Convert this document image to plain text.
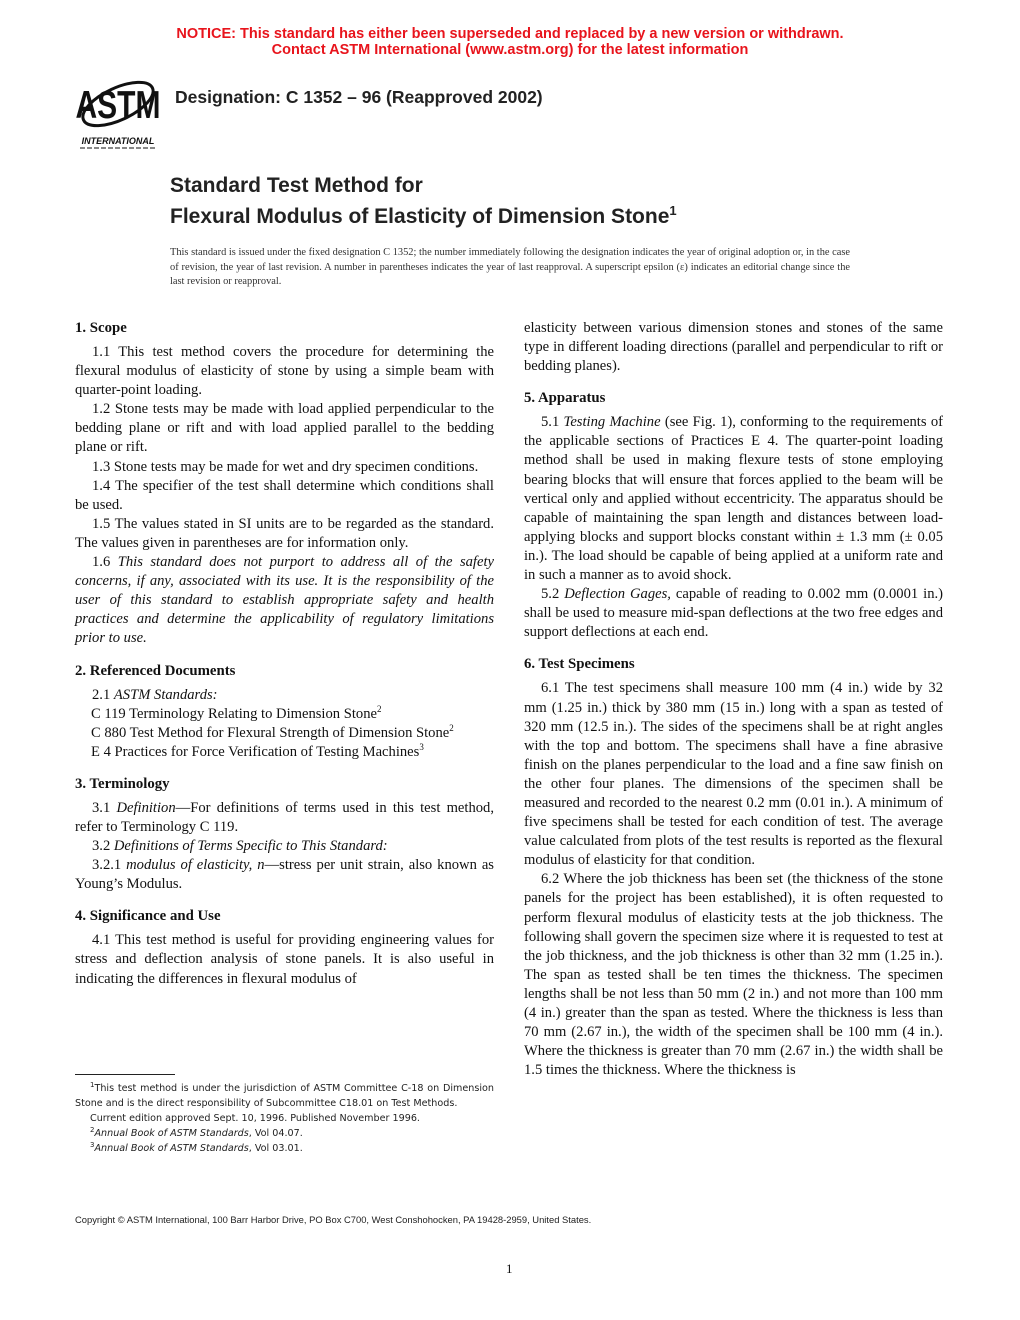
NOTICE: This standard has either been superseded and replaced by a new version or withdrawn.
Contact ASTM International (www.astm.org) for the latest information
ASTM
INTERNATIONAL
Designation: C 1352 – 96 (Reapproved 2002)
Standard Test Method for
Flexural Modulus of Elasticity of Dimension Stone$^1$
This standard is issued under the fixed designation C 1352; the number immediately following the designation indicates the year of original adoption or, in the case of revision, the year of last revision. A number in parentheses indicates the year of last reapproval. A superscript epsilon (ε) indicates an editorial change since the last revision or reapproval.
1. Scope

1.1 This test method covers the procedure for determining the flexural modulus of elasticity of stone by using a simple beam with quarter-point loading.

1.2 Stone tests may be made with load applied perpendicular to the bedding plane or rift and with load applied parallel to the bedding plane or rift.

1.3 Stone tests may be made for wet and dry specimen conditions.

1.4 The specifier of the test shall determine which conditions shall be used.

1.5 The values stated in SI units are to be regarded as the standard. The values given in parentheses are for information only.

1.6 This standard does not purport to address all of the safety concerns, if any, associated with its use. It is the responsibility of the user of this standard to establish appropriate safety and health practices and determine the applicability of regulatory limitations prior to use.

2. Referenced Documents

2.1 ASTM Standards:

C 119 Terminology Relating to Dimension Stone$^2$

C 880 Test Method for Flexural Strength of Dimension Stone$^2$

E 4 Practices for Force Verification of Testing Machines$^3$

3. Terminology

3.1 Definition—For definitions of terms used in this test method, refer to Terminology C 119.

3.2 Definitions of Terms Specific to This Standard:

3.2.1 modulus of elasticity, n—stress per unit strain, also known as Young’s Modulus.

4. Significance and Use

4.1 This test method is useful for providing engineering values for stress and deflection analysis of stone panels. It is also useful in indicating the differences in flexural modulus of

elasticity between various dimension stones and stones of the same type in different loading directions (parallel and perpendicular to rift or bedding planes).

5. Apparatus

5.1 Testing Machine (see Fig. 1), conforming to the requirements of the applicable sections of Practices E 4. The quarter-point loading method shall be used in making flexure tests of stone employing bearing blocks that will ensure that forces applied to the beam will be vertical only and applied without eccentricity. The apparatus should be capable of maintaining the span length and distances between load-applying blocks and support blocks constant within ± 1.3 mm (± 0.05 in.). The load should be capable of being applied at a uniform rate and in such a manner as to avoid shock.

5.2 Deflection Gages, capable of reading to 0.002 mm (0.0001 in.) shall be used to measure mid-span deflections at the two free edges and support deflections at each end.

6. Test Specimens

6.1 The test specimens shall measure 100 mm (4 in.) wide by 32 mm (1.25 in.) thick by 380 mm (15 in.) long with a span as tested of 320 mm (12.5 in.). The sides of the specimens shall be at right angles with the top and bottom. The specimens shall have a fine abrasive finish on the planes perpendicular to the load and a fine saw finish on the other four planes. The dimensions of the specimen shall be measured and recorded to the nearest 0.2 mm (0.01 in.). A minimum of five specimens shall be tested for each condition of test. The average value calculated from plots of the test results is reported as the flexural modulus of elasticity for that condition.

6.2 Where the job thickness has been set (the thickness of the stone panels for the project has been established), it is often requested to perform flexural modulus of elasticity tests at the job thickness. The following shall govern the specimen size where it is requested to test at the job thickness, and the job thickness is other than 32 mm (1.25 in.). The span as tested shall be ten times the thickness. The specimen lengths shall be not less than 50 mm (2 in.) and not more than 100 mm (4 in.) greater than the span as tested. Where the thickness is less than 70 mm (2.67 in.), the width of the specimen shall be 100 mm (4 in.). Where the thickness is greater than 70 mm (2.67 in.) the width shall be 1.5 times the thickness. Where the thickness is

$^1$This test method is under the jurisdiction of ASTM Committee C-18 on Dimension Stone and is the direct responsibility of Subcommittee C18.01 on Test Methods.

Current edition approved Sept. 10, 1996. Published November 1996.

$^2$Annual Book of ASTM Standards, Vol 04.07.

$^3$Annual Book of ASTM Standards, Vol 03.01.

Copyright © ASTM International, 100 Barr Harbor Drive, PO Box C700, West Conshohocken, PA 19428-2959, United States.
1
